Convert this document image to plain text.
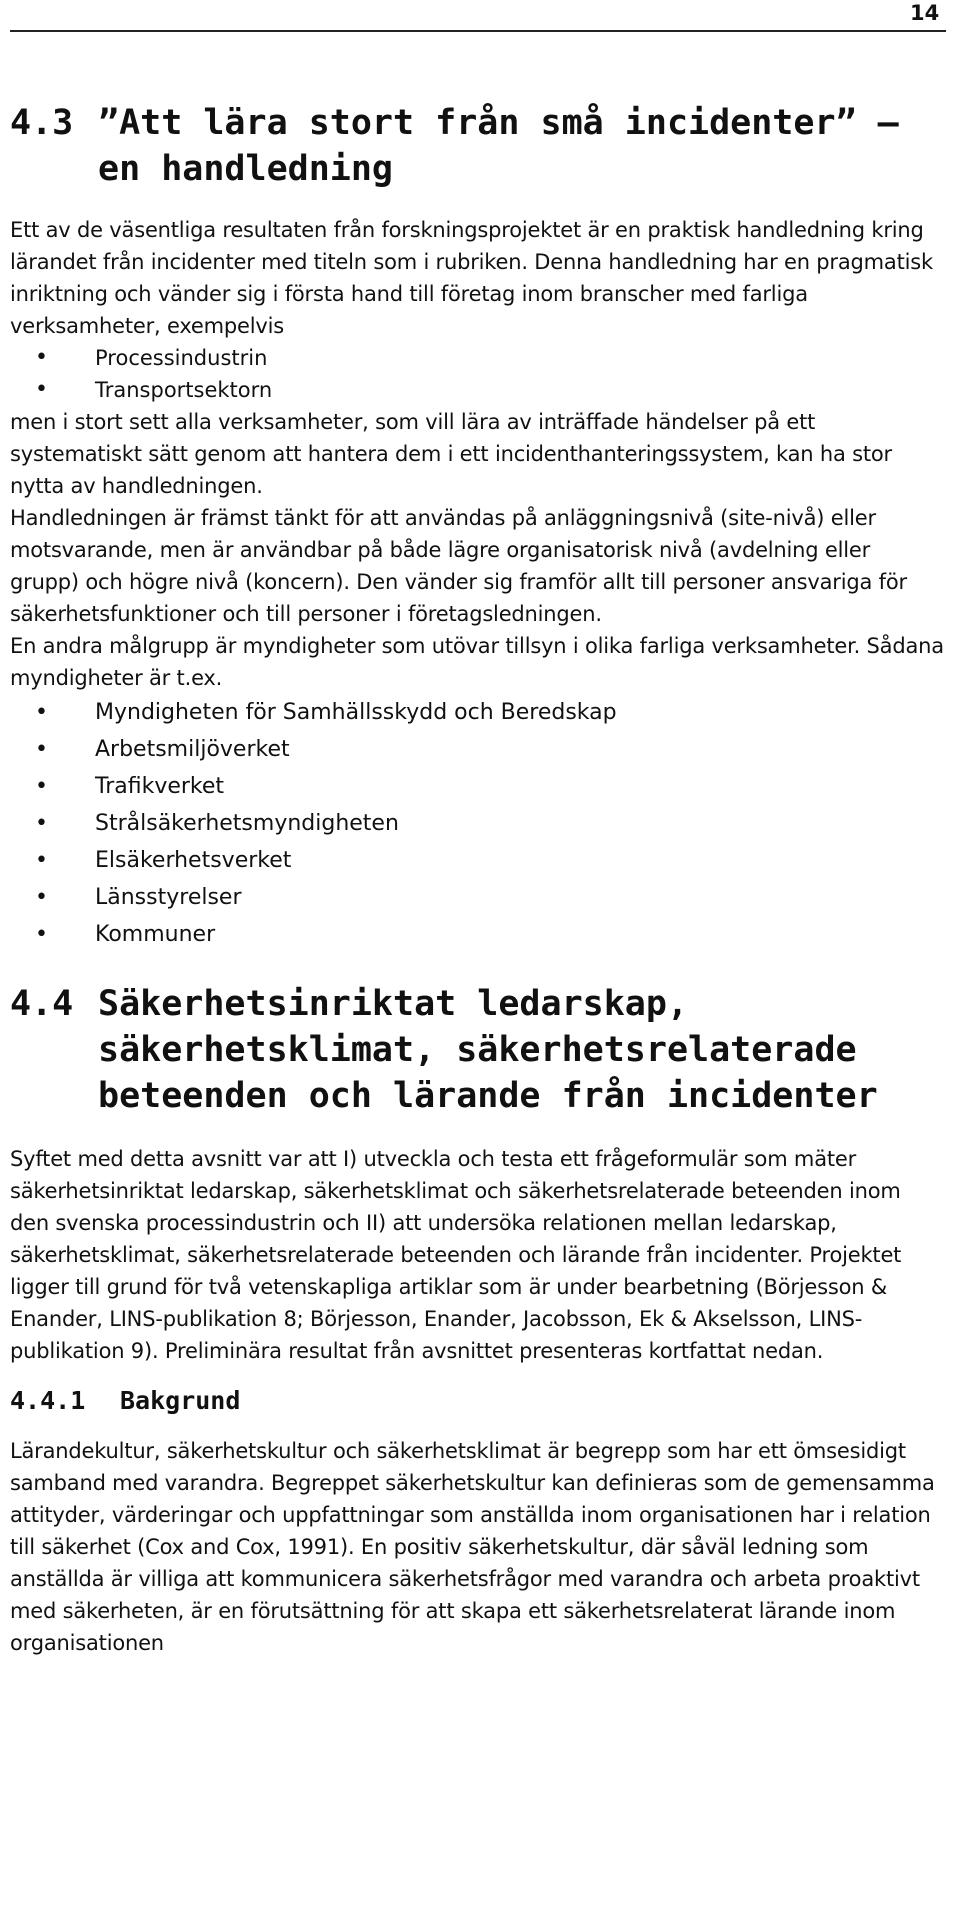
14
4.3 ”Att lära stort från små incidenter” – en handledning

Ett av de väsentliga resultaten från forskningsprojektet är en praktisk handledning kring lärandet från incidenter med titeln som i rubriken. Denna handledning har en pragmatisk inriktning och vänder sig i första hand till företag inom branscher med farliga verksamheter, exempelvis

• Processindustrin
• Transportsektorn

men i stort sett alla verksamheter, som vill lära av inträffade händelser på ett systematiskt sätt genom att hantera dem i ett incidenthanteringssystem, kan ha stor nytta av handledningen.

Handledningen är främst tänkt för att användas på anläggningsnivå (site-nivå) eller motsvarande, men är användbar på både lägre organisatorisk nivå (avdelning eller grupp) och högre nivå (koncern). Den vänder sig framför allt till personer ansvariga för säkerhetsfunktioner och till personer i företagsledningen.

En andra målgrupp är myndigheter som utövar tillsyn i olika farliga verksamheter. Sådana myndigheter är t.ex.

• Myndigheten för Samhällsskydd och Beredskap
• Arbetsmiljöverket
• Trafikverket
• Strålsäkerhetsmyndigheten
• Elsäkerhetsverket
• Länsstyrelser
• Kommuner
4.4 Säkerhetsinriktat ledarskap, säkerhetsklimat, säkerhetsrelaterade beteenden och lärande från incidenter

Syftet med detta avsnitt var att I) utveckla och testa ett frågeformulär som mäter säkerhetsinriktat ledarskap, säkerhetsklimat och säkerhetsrelaterade beteenden inom den svenska processindustrin och II) att undersöka relationen mellan ledarskap, säkerhetsklimat, säkerhetsrelaterade beteenden och lärande från incidenter. Projektet ligger till grund för två vetenskapliga artiklar som är under bearbetning (Börjesson & Enander, LINS-publikation 8; Börjesson, Enander, Jacobsson, Ek & Akselsson, LINS-publikation 9). Preliminära resultat från avsnittet presenteras kortfattat nedan.

4.4.1	Bakgrund

Lärandekultur, säkerhetskultur och säkerhetsklimat är begrepp som har ett ömsesidigt samband med varandra. Begreppet säkerhetskultur kan definieras som de gemensamma attityder, värderingar och uppfattningar som anställda inom organisationen har i relation till säkerhet (Cox and Cox, 1991). En positiv säkerhetskultur, där såväl ledning som anställda är villiga att kommunicera säkerhetsfrågor med varandra och arbeta proaktivt med säkerheten, är en förutsättning för att skapa ett säkerhetsrelaterat lärande inom organisationen
